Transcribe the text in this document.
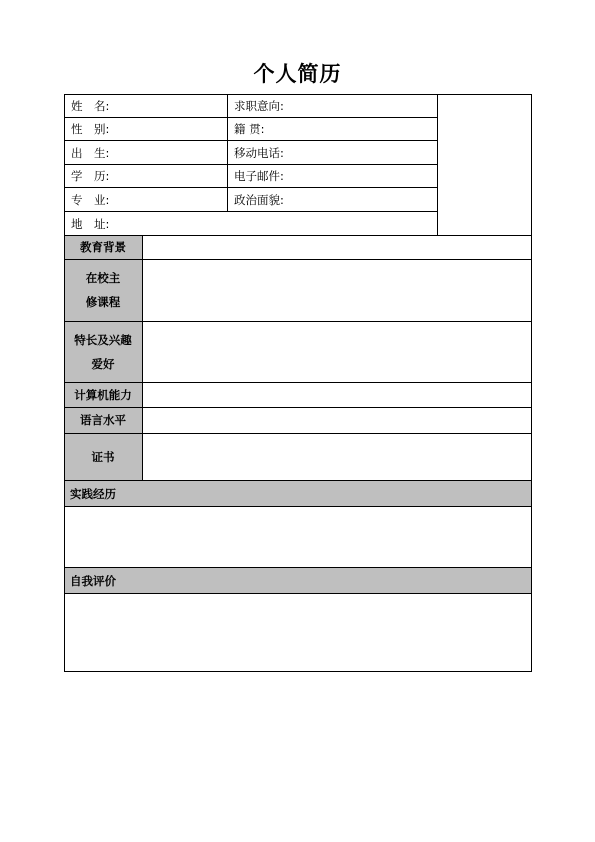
个人简历
姓　名:	求职意向:
性　别:	籍 贯:
出　生:	移动电话:
学　历:	电子邮件:
专　业:	政治面貌:
地　址:
教育背景
在校主
修课程
特长及兴趣
爱好
计算机能力
语言水平
证书
实践经历
自我评价
